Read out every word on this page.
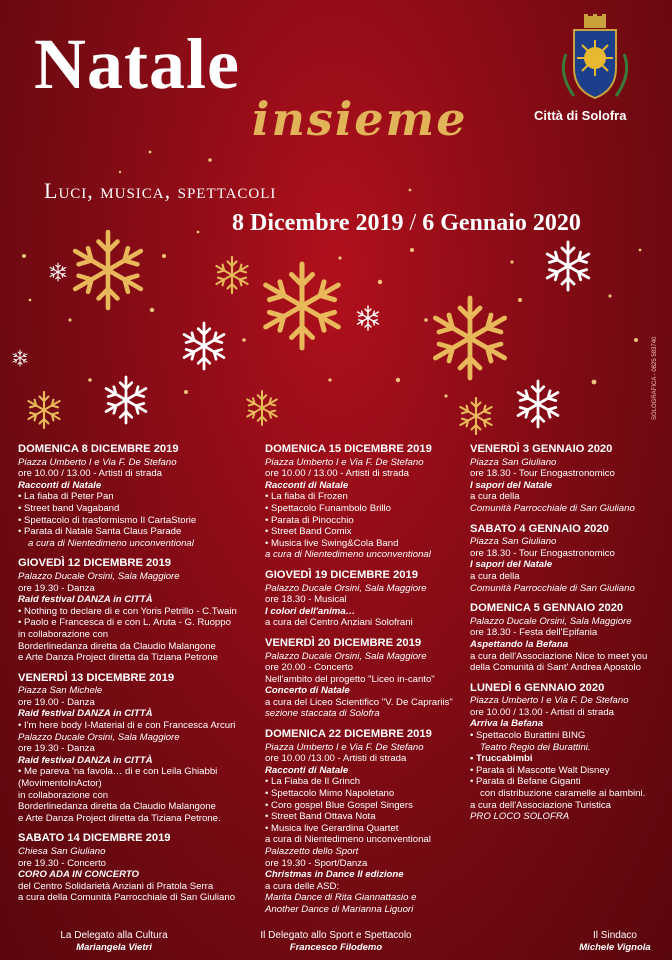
Natale
insieme
Luci, musica, spettacoli
8 Dicembre 2019 / 6 Gennaio 2020
Città di Solofra
SOLOGRAFICA - 0825 583740
DOMENICA 8 DICEMBRE 2019
Piazza Umberto I e Via F. De Stefano
ore 10.00 / 13.00 - Artisti di strada
Racconti di Natale
• La fiaba di Peter Pan
• Street band Vagaband
• Spettacolo di trasformismo Il CartaStorie
• Parata di Natale Santa Claus Parade
a cura di Nientedimeno unconventional
GIOVEDÌ 12 DICEMBRE 2019
Palazzo Ducale Orsini, Sala Maggiore
ore 19.30 - Danza
Raid festival DANZA in CITTÀ
• Nothing to declare di e con Yoris Petrillo - C.Twain
• Paolo e Francesca di e con L. Aruta - G. Ruoppo
in collaborazione con
Borderlinedanza diretta da Claudio Malangone
e Arte Danza Project diretta da Tiziana Petrone
VENERDÌ 13 DICEMBRE 2019
Piazza San Michele
ore 19.00 - Danza
Raid festival DANZA in CITTÀ
• I'm here body I-Material di e con Francesca Arcuri
Palazzo Ducale Orsini, Sala Maggiore
ore 19.30 - Danza
Raid festival DANZA in CITTÀ
• Me pareva 'na favola… di e con Leila Ghiabbi
(MovimentoInActor)
in collaborazione con
Borderlinedanza diretta da Claudio Malangone
e Arte Danza Project diretta da Tiziana Petrone.
SABATO 14 DICEMBRE 2019
Chiesa San Giuliano
ore 19.30 - Concerto
CORO ADA IN CONCERTO
del Centro Solidarietà Anziani di Pratola Serra
a cura della Comunità Parrocchiale di San Giuliano
DOMENICA 15 DICEMBRE 2019
Piazza Umberto I e Via F. De Stefano
ore 10.00 / 13.00 - Artisti di strada
Racconti di Natale
• La fiaba di Frozen
• Spettacolo Funambolo Brillo
• Parata di Pinocchio
• Street Band Comix
• Musica live Swing&Cola Band
a cura di Nientedimeno unconventional
GIOVEDÌ 19 DICEMBRE 2019
Palazzo Ducale Orsini, Sala Maggiore
ore 18.30 - Musical
I colori dell'anima…
a cura del Centro Anziani Solofrani
VENERDÌ 20 DICEMBRE 2019
Palazzo Ducale Orsini, Sala Maggiore
ore 20.00 - Concerto
Nell'ambito del progetto "Liceo in-canto"
Concerto di Natale
a cura del Liceo Scientifico "V. De Caprariis"
sezione staccata di Solofra
DOMENICA 22 DICEMBRE 2019
Piazza Umberto I e Via F. De Stefano
ore 10.00 /13.00 - Artisti di strada
Racconti di Natale
• La Fiaba de Il Grinch
• Spettacolo Mimo Napoletano
• Coro gospel Blue Gospel Singers
• Street Band Ottava Nota
• Musica live Gerardina Quartet
a cura di Nientedimeno unconventional
Palazzetto dello Sport
ore 19.30 - Sport/Danza
Christmas in Dance II edizione
a cura delle ASD:
Marita Dance di Rita Giannattasio e
Another Dance di Marianna Liguori
VENERDÌ 3 GENNAIO 2020
Piazza San Giuliano
ore 18.30 - Tour Enogastronomico
I sapori del Natale
a cura della
Comunità Parrocchiale di San Giuliano
SABATO 4 GENNAIO 2020
Piazza San Giuliano
ore 18.30 - Tour Enogastronomico
I sapori del Natale
a cura della
Comunità Parrocchiale di San Giuliano
DOMENICA 5 GENNAIO 2020
Palazzo Ducale Orsini, Sala Maggiore
ore 18.30 - Festa dell'Epifania
Aspettando la Befana
a cura dell'Associazione Nice to meet you
della Comunità di Sant' Andrea Apostolo
LUNEDÌ 6 GENNAIO 2020
Piazza Umberto I e Via F. De Stefano
ore 10.00 / 13.00 - Artisti di strada
Arriva la Befana
• Spettacolo Burattini BING
Teatro Regio dei Burattini.
• Truccabimbi
• Parata di Mascotte Walt Disney
• Parata di Befane Giganti
con distribuzione caramelle ai bambini.
a cura dell'Associazione Turistica
PRO LOCO SOLOFRA
La Delegato alla Cultura
Mariangela Vietri
Il Delegato allo Sport e Spettacolo
Francesco Filodemo
Il Sindaco
Michele Vignola
